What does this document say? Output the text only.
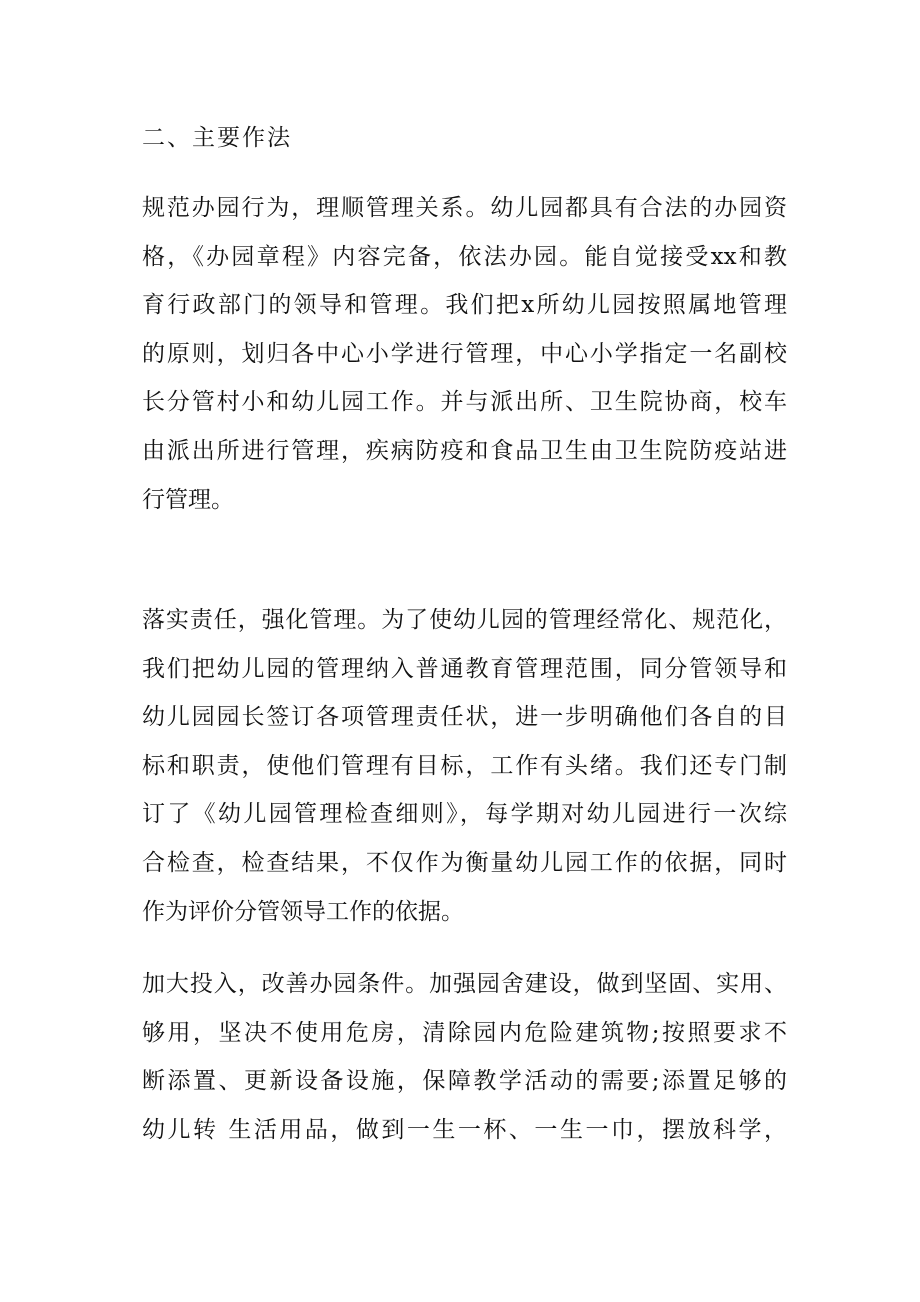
二、主要作法
规范办园行为，理顺管理关系。幼儿园都具有合法的办园资
格，《办园章程》内容完备，依法办园。能自觉接受xx和教
育行政部门的领导和管理。我们把x所幼儿园按照属地管理
的原则，划归各中心小学进行管理，中心小学指定一名副校
长分管村小和幼儿园工作。并与派出所、卫生院协商，校车
由派出所进行管理，疾病防疫和食品卫生由卫生院防疫站进
行管理。
落实责任，强化管理。为了使幼儿园的管理经常化、规范化，
我们把幼儿园的管理纳入普通教育管理范围，同分管领导和
幼儿园园长签订各项管理责任状，进一步明确他们各自的目
标和职责，使他们管理有目标，工作有头绪。我们还专门制
订了《幼儿园管理检查细则》，每学期对幼儿园进行一次综
合检查，检查结果，不仅作为衡量幼儿园工作的依据，同时
作为评价分管领导工作的依据。
加大投入，改善办园条件。加强园舍建设，做到坚固、实用、
够用，坚决不使用危房，清除园内危险建筑物;按照要求不
断添置、更新设备设施，保障教学活动的需要;添置足够的
幼儿转 生活用品，做到一生一杯、一生一巾，摆放科学，
